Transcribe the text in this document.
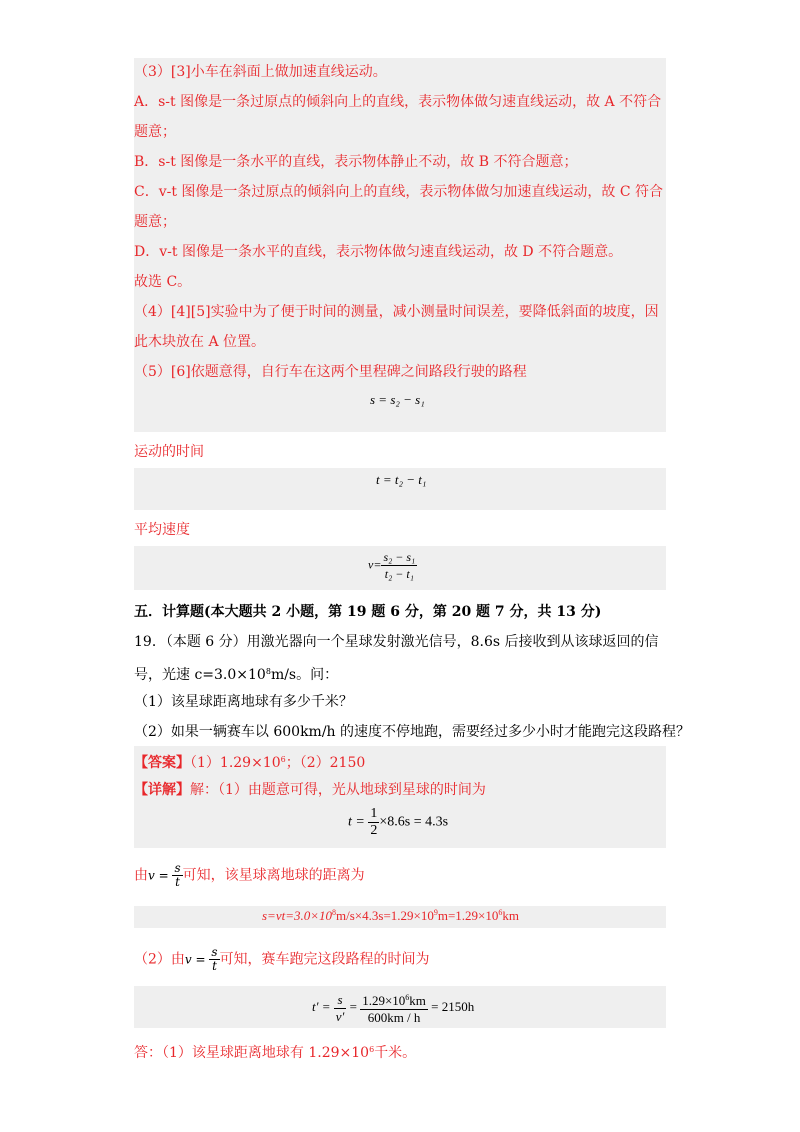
（3）[3]小车在斜面上做加速直线运动。
A．s-t 图像是一条过原点的倾斜向上的直线，表示物体做匀速直线运动，故 A 不符合
题意；
B．s-t 图像是一条水平的直线，表示物体静止不动，故 B 不符合题意；
C．v-t 图像是一条过原点的倾斜向上的直线，表示物体做匀加速直线运动，故 C 符合
题意；
D．v-t 图像是一条水平的直线，表示物体做匀速直线运动，故 D 不符合题意。
故选 C。
（4）[4][5]实验中为了便于时间的测量，减小测量时间误差，要降低斜面的坡度，因
此木块放在 A 位置。
（5）[6]依题意得，自行车在这两个里程碑之间路段行驶的路程
s = s₂ − s₁
运动的时间
t = t₂ − t₁
平均速度
$v= \frac{\text{s₂ − s₁}}{\text{t₂ − t₁}}$
五．计算题(本大题共 2 小题，第 19 题 6 分，第 20 题 7 分，共 13 分)
19．（本题 6 分）用激光器向一个星球发射激光信号，8.6s 后接收到从该球返回的信
号，光速 $c=3.0\times 10^8m/s$。问：
（1）该星球距离地球有多少千米？
（2）如果一辆赛车以 600km/h 的速度不停地跑，需要经过多少小时才能跑完这段路程？
【答案】$(1)1.29\times 10^6$；（2）2150
【详解】解：（1）由题意可得，光从地球到星球的时间为
$t = \frac{1}{2} \times 8.6s = 4.3s$
由$v = \frac{s}{t}$ 可知，该星球离地球的距离为
$s=vt=3.0\times 10^8m/s\times 4.3s=1.29\times 10^9m=1.29\times 10^6km$
（2）由$v = \frac{s}{t}$ 可知，赛车跑完这段路程的时间为
$t' = \frac{s}{v'} = \frac{1.29\times 10^6km}{600km / h} = 2150h$
答：（1）该星球距离地球有 $1.29\times 10^6$千米。
